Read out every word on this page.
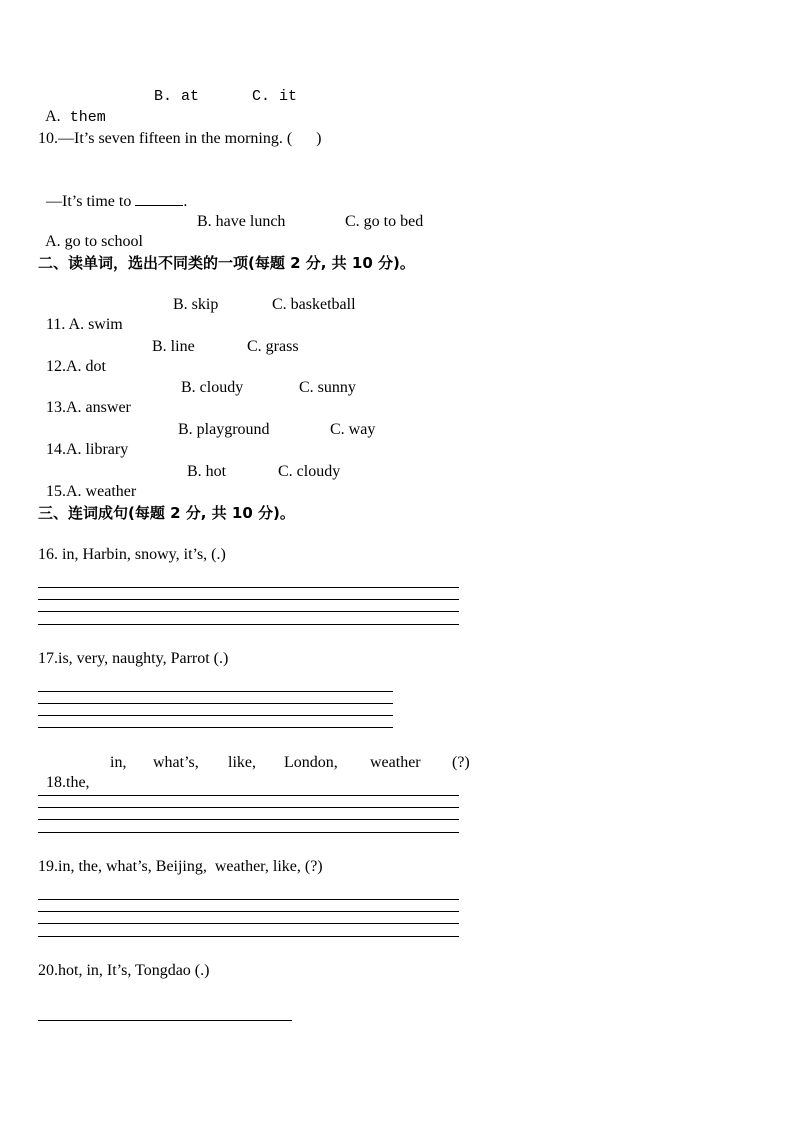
A. them

B. at

	C. it

10.—It’s seven fifteen in the morning. (      )

—It’s time to	.

A. go to school

B. have lunch

	C. go to bed

二、读单词，选出不同类的一项(每题 2 分, 共 10 分)。

11. A. swim

B. skip

	C. basketball

12.A. dot

B. line

	C. grass

13.A. answer

B. cloudy

	C. sunny

14.A. library

B. playground

	C. way

15.A. weather

B. hot

	C. cloudy

三、连词成句(每题 2 分, 共 10 分)。
16. in, Harbin, snowy, it’s, (.)
17.is, very, naughty, Parrot (.)

18.the,

in,

what’s,

like,

London,

weather

(?)

19.in, the, what’s, Beijing,  weather, like, (?)
20.hot, in, It’s, Tongdao (.)
